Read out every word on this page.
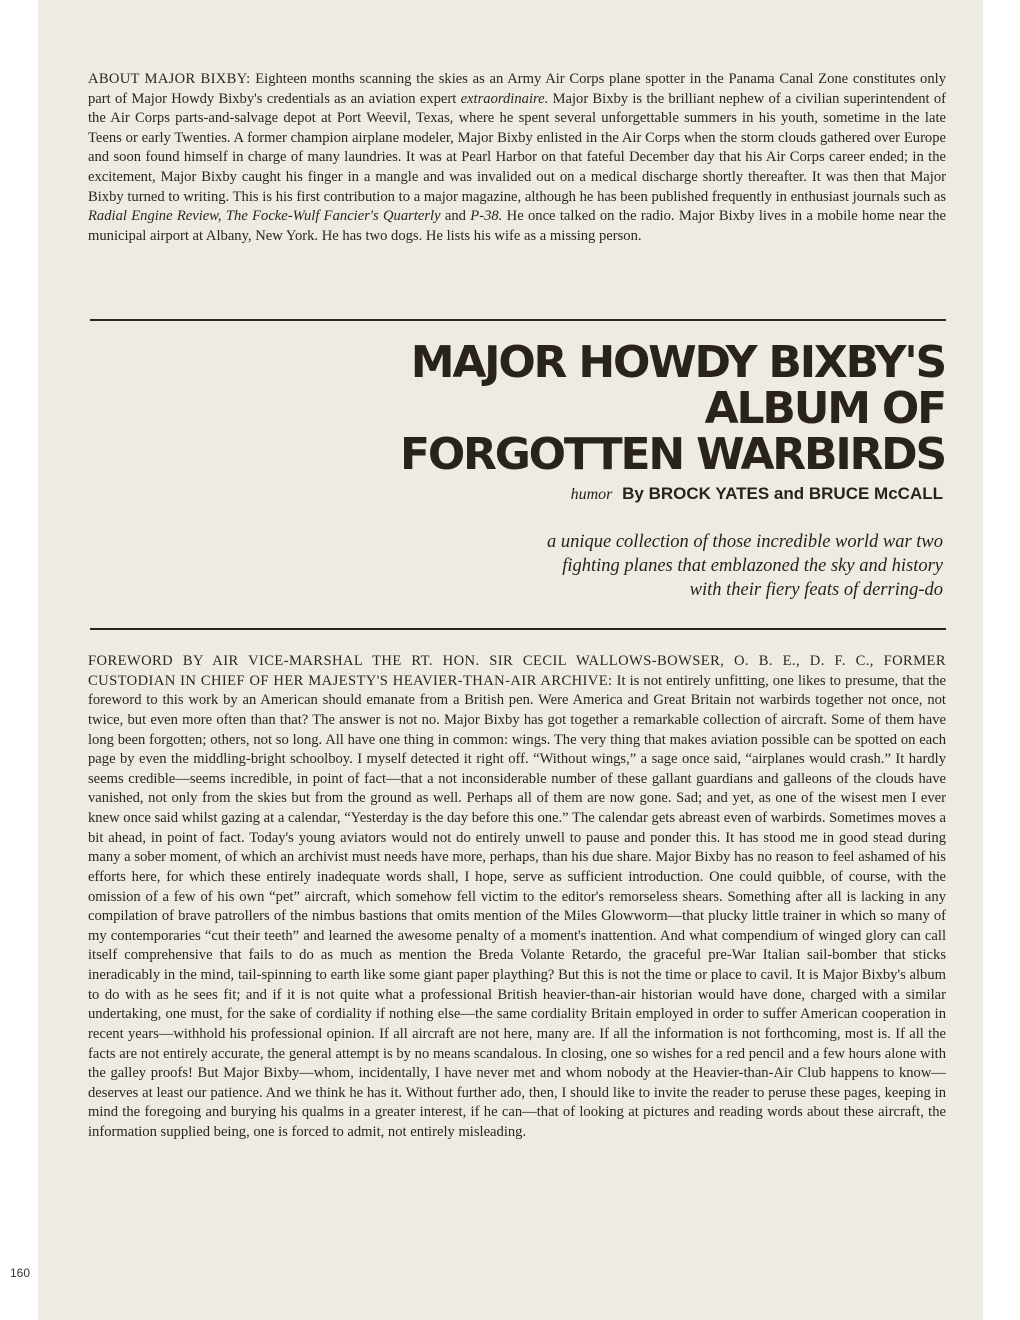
ABOUT MAJOR BIXBY: Eighteen months scanning the skies as an Army Air Corps plane spotter in the Panama Canal Zone constitutes only part of Major Howdy Bixby's credentials as an aviation expert extraordinaire. Major Bixby is the brilliant nephew of a civilian superintendent of the Air Corps parts-and-salvage depot at Port Weevil, Texas, where he spent several unforgettable summers in his youth, sometime in the late Teens or early Twenties. A former champion airplane modeler, Major Bixby enlisted in the Air Corps when the storm clouds gathered over Europe and soon found himself in charge of many laundries. It was at Pearl Harbor on that fateful December day that his Air Corps career ended; in the excitement, Major Bixby caught his finger in a mangle and was invalided out on a medical discharge shortly thereafter. It was then that Major Bixby turned to writing. This is his first contribution to a major magazine, although he has been published frequently in enthusiast journals such as Radial Engine Review, The Focke-Wulf Fancier's Quarterly and P-38. He once talked on the radio. Major Bixby lives in a mobile home near the municipal airport at Albany, New York. He has two dogs. He lists his wife as a missing person.

MAJOR HOWDY BIXBY'S
ALBUM OF
FORGOTTEN WARBIRDS

humor By BROCK YATES and BRUCE McCALL

a unique collection of those incredible world war two
fighting planes that emblazoned the sky and history
with their fiery feats of derring-do

FOREWORD BY AIR VICE-MARSHAL THE RT. HON. SIR CECIL WALLOWS-BOWSER, O. B. E., D. F. C., FORMER CUSTODIAN IN CHIEF OF HER MAJESTY'S HEAVIER-THAN-AIR ARCHIVE: It is not entirely unfitting, one likes to presume, that the foreword to this work by an American should emanate from a British pen. Were America and Great Britain not warbirds together not once, not twice, but even more often than that? The answer is not no. Major Bixby has got together a remarkable collection of aircraft. Some of them have long been forgotten; others, not so long. All have one thing in common: wings. The very thing that makes aviation possible can be spotted on each page by even the middling-bright schoolboy. I myself detected it right off. “Without wings,” a sage once said, “airplanes would crash.” It hardly seems credible—seems incredible, in point of fact—that a not inconsiderable number of these gallant guardians and galleons of the clouds have vanished, not only from the skies but from the ground as well. Perhaps all of them are now gone. Sad; and yet, as one of the wisest men I ever knew once said whilst gazing at a calendar, “Yesterday is the day before this one.” The calendar gets abreast even of warbirds. Sometimes moves a bit ahead, in point of fact. Today's young aviators would not do entirely unwell to pause and ponder this. It has stood me in good stead during many a sober moment, of which an archivist must needs have more, perhaps, than his due share. Major Bixby has no reason to feel ashamed of his efforts here, for which these entirely inadequate words shall, I hope, serve as sufficient introduction. One could quibble, of course, with the omission of a few of his own “pet” aircraft, which somehow fell victim to the editor's remorseless shears. Something after all is lacking in any compilation of brave patrollers of the nimbus bastions that omits mention of the Miles Glowworm—that plucky little trainer in which so many of my contemporaries “cut their teeth” and learned the awesome penalty of a moment's inattention. And what compendium of winged glory can call itself comprehensive that fails to do as much as mention the Breda Volante Retardo, the graceful pre-War Italian sail-bomber that sticks ineradicably in the mind, tail-spinning to earth like some giant paper plaything? But this is not the time or place to cavil. It is Major Bixby's album to do with as he sees fit; and if it is not quite what a professional British heavier-than-air historian would have done, charged with a similar undertaking, one must, for the sake of cordiality if nothing else—the same cordiality Britain employed in order to suffer American cooperation in recent years—withhold his professional opinion. If all aircraft are not here, many are. If all the information is not forthcoming, most is. If all the facts are not entirely accurate, the general attempt is by no means scandalous. In closing, one so wishes for a red pencil and a few hours alone with the galley proofs! But Major Bixby—whom, incidentally, I have never met and whom nobody at the Heavier-than-Air Club happens to know—deserves at least our patience. And we think he has it. Without further ado, then, I should like to invite the reader to peruse these pages, keeping in mind the foregoing and burying his qualms in a greater interest, if he can—that of looking at pictures and reading words about these aircraft, the information supplied being, one is forced to admit, not entirely misleading.

160
